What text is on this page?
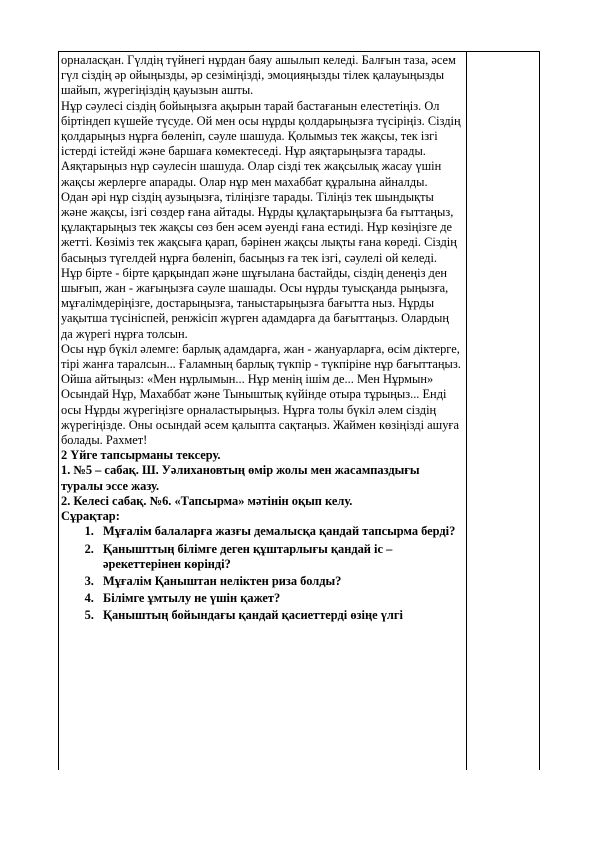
орналасқан. Гүлдің түйнегі нұрдан баяу ашылып келеді. Балғын таза, әсем гүл сіздің әр ойыңызды, әр сезіміңізді, эмоцияңызды тілек қалауыңызды шайып, жүрегіңіздің қауызын ашты.

Нұр сәулесі сіздің бойыңызға ақырын тарай бастағанын елестетіңіз. Ол біртіндеп күшейе түсуде. Ой мен осы нұрды қолдарыңызға түсіріңіз. Сіздің қолдарыңыз нұрға бөленіп, сәуле шашуда. Қолымыз тек жақсы, тек ізгі істерді істейді және баршаға көмектеседі. Нұр аяқтарыңызға тарады. Аяқтарыңыз нұр сәулесін шашуда. Олар сізді тек жақсылық жасау үшін жақсы жерлерге апарады. Олар нұр мен махаббат құралына айналды.

Одан әрі нұр сіздің аузыңызға, тіліңізге тарады. Тіліңіз тек шындықты және жақсы, ізгі сөздер ғана айтады. Нұрды құлақтарыңызға ба ғыттаңыз, құлақтарыңыз тек жақсы сөз бен әсем әуенді ғана естиді. Нұр көзіңізге де жетті. Көзіміз тек жақсыға қарап, бәрінен жақсы лықты ғана көреді. Сіздің басыңыз түгелдей нұрға бөленіп, басыңыз ға тек ізгі, сәулелі ой келеді.

Нұр бірте - бірте қарқындап және шұғылана бастайды, сіздің денеңіз ден шығып, жан - жағыңызға сәуле шашады. Осы нұрды туысқанда рыңызға, мұғалімдеріңізге, достарыңызға, таныстарыңызға бағытта ныз. Нұрды уақытша түсініспей, ренжісіп жүрген адамдарға да бағыттаңыз. Олардың да жүрегі нұрға толсын.

Осы нұр бүкіл әлемге: барлық адамдарға, жан - жануарларға, өсім діктерге, тірі жанға таралсын... Ғаламның барлық түкпір - түкпіріне нұр бағыттаңыз. Ойша айтыңыз: «Мен нұрлымын... Нұр менің ішім де... Мен Нұрмын»

Осындай Нұр, Махаббат және Тыныштық күйінде отыра тұрыңыз... Енді осы Нұрды жүрегіңізге орналастырыңыз. Нұрға толы бүкіл әлем сіздің жүрегіңізде. Оны осындай әсем қалыпта сақтаңыз. Жаймен көзіңізді ашуға болады. Рахмет!

2 Үйге тапсырманы тексеру.

1. №5 – сабақ. Ш. Уәлихановтың өмір жолы мен жасампаздығы туралы эссе жазу.

2. Келесі сабақ. №6. «Тапсырма» мәтінін оқып келу.

Сұрақтар:

1. Мұғалім балаларға жазғы демалысқа қандай тапсырма берді?
2. Қанышттың білімге деген құштарлығы қандай іс – әрекеттерінен көрінді?
3. Мұғалім Қаныштан неліктен риза болды?
4. Білімге ұмтылу не үшін қажет?
5. Қаныштың бойындағы қандай қасиеттерді өзіңе үлгі
